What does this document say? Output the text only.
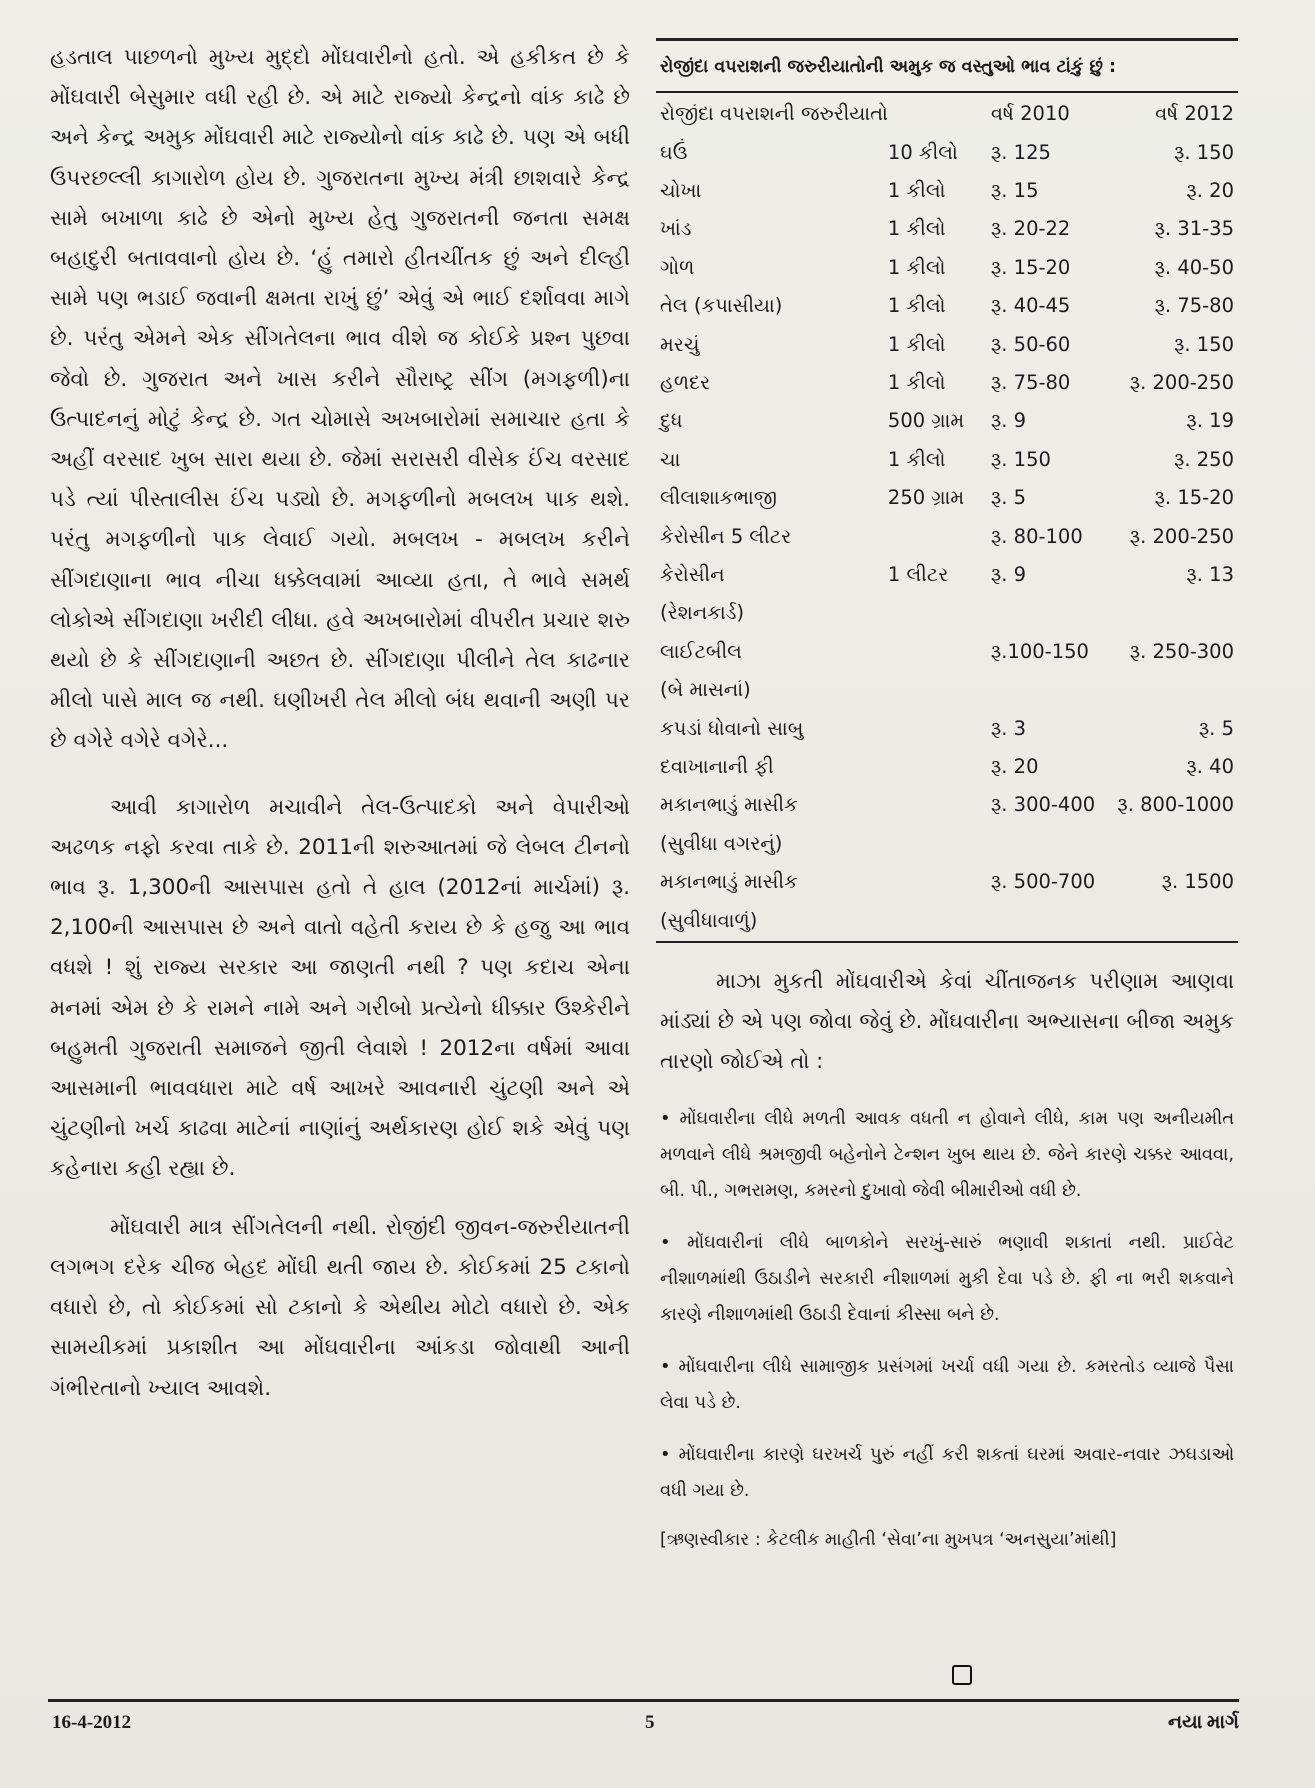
હડતાલ પાછળનો મુખ્ય મુદ્દો મોંઘવારીનો હતો. એ હકીકત છે કે મોંઘવારી બેસુમાર વધી રહી છે. એ માટે રાજ્યો કેન્દ્રનો વાંક કાઢે છે અને કેન્દ્ર અમુક મોંઘવારી માટે રાજ્યોનો વાંક કાઢે છે. પણ એ બધી ઉપરછલ્લી કાગારોળ હોય છે. ગુજરાતના મુખ્ય મંત્રી છાશવારે કેન્દ્ર સામે બખાળા કાઢે છે એનો મુખ્ય હેતુ ગુજરાતની જનતા સમક્ષ બહાદુરી બતાવવાનો હોય છે. ‘હું તમારો હીતચીંતક છું અને દીલ્હી સામે પણ ભડાઈ જવાની ક્ષમતા રાખું છું’ એવું એ ભાઈ દર્શાવવા માગે છે. પરંતુ એમને એક સીંગતેલના ભાવ વીશે જ કોઈકે પ્રશ્ન પુછવા જેવો છે. ગુજરાત અને ખાસ કરીને સૌરાષ્ટ્ર સીંગ (મગફળી)ના ઉત્પાદનનું મોટું કેન્દ્ર છે. ગત ચોમાસે અખબારોમાં સમાચાર હતા કે અહીં વરસાદ ખુબ સારા થયા છે. જેમાં સરાસરી વીસેક ઈંચ વરસાદ પડે ત્યાં પીસ્તાલીસ ઈંચ પડ્યો છે. મગફળીનો મબલખ પાક થશે. પરંતુ મગફળીનો પાક લેવાઈ ગયો. મબલખ - મબલખ કરીને સીંગદાણાના ભાવ નીચા ધક્કેલવામાં આવ્યા હતા, તે ભાવે સમર્થ લોકોએ સીંગદાણા ખરીદી લીધા. હવે અખબારોમાં વીપરીત પ્રચાર શરુ થયો છે કે સીંગદાણાની અછત છે. સીંગદાણા પીલીને તેલ કાઢનાર મીલો પાસે માલ જ નથી. ઘણીખરી તેલ મીલો બંધ થવાની અણી પર છે વગેરે વગેરે વગેરે...

આવી કાગારોળ મચાવીને તેલ-ઉત્પાદકો અને વેપારીઓ અઢળક નફો કરવા તાકે છે. 2011ની શરુઆતમાં જે લેબલ ટીનનો ભાવ રૂ. 1,300ની આસપાસ હતો તે હાલ (2012નાં માર્ચમાં) રૂ. 2,100ની આસપાસ છે અને વાતો વહેતી કરાય છે કે હજુ આ ભાવ વધશે ! શું રાજ્ય સરકાર આ જાણતી નથી ? પણ કદાચ એના મનમાં એમ છે કે રામને નામે અને ગરીબો પ્રત્યેનો ધીક્કાર ઉશ્કેરીને બહુમતી ગુજરાતી સમાજને જીતી લેવાશે ! 2012ના વર્ષમાં આવા આસમાની ભાવવધારા માટે વર્ષ આખરે આવનારી ચુંટણી અને એ ચુંટણીનો ખર્ચ કાઢવા માટેનાં નાણાંનું અર્થકારણ હોઈ શકે એવું પણ કહેનારા કહી રહ્યા છે.

મોંઘવારી માત્ર સીંગતેલની નથી. રોજીંદી જીવન-જરુરીયાતની લગભગ દરેક ચીજ બેહદ મોંઘી થતી જાય છે. કોઈકમાં 25 ટકાનો વધારો છે, તો કોઈકમાં સો ટકાનો કે એથીય મોટો વધારો છે. એક સામયીકમાં પ્રકાશીત આ મોંઘવારીના આંકડા જોવાથી આની ગંભીરતાનો ખ્યાલ આવશે.

રોજીંદા વપરાશની જરુરીયાતોની અમુક જ વસ્તુઓ ભાવ ટાંકું છું :
રોજીંદા વપરાશની જરુરીયાતો		વર્ષ 2010	વર્ષ 2012
ઘઉં	10 કીલો	રૂ. 125	રૂ. 150
ચોખા	1 કીલો	રૂ. 15	રૂ. 20
ખાંડ	1 કીલો	રૂ. 20-22	રૂ. 31-35
ગોળ	1 કીલો	રૂ. 15-20	રૂ. 40-50
તેલ (કપાસીયા)	1 કીલો	રૂ. 40-45	રૂ. 75-80
મરચું	1 કીલો	રૂ. 50-60	રૂ. 150
હળદર	1 કીલો	રૂ. 75-80	રૂ. 200-250
દુધ	500 ગ્રામ	રૂ. 9	રૂ. 19
ચા	1 કીલો	રૂ. 150	રૂ. 250
લીલાશાકભાજી	250 ગ્રામ	રૂ. 5	રૂ. 15-20
કેરોસીન 5 લીટર		રૂ. 80-100	રૂ. 200-250
કેરોસીન	1 લીટર	રૂ. 9	રૂ. 13
(રેશનકાર્ડ)			
લાઈટબીલ		રૂ.100-150	રૂ. 250-300
(બે માસનાં)			
કપડાં ધોવાનો સાબુ		રૂ. 3	રૂ. 5
દવાખાનાની ફી		રૂ. 20	રૂ. 40
મકાનભાડું માસીક		રૂ. 300-400	રૂ. 800-1000
(સુવીધા વગરનું)			
મકાનભાડું માસીક		રૂ. 500-700	રૂ. 1500
(સુવીધાવાળું)			

માઝા મુકતી મોંઘવારીએ કેવાં ચીંતાજનક પરીણામ આણવા માંડ્યાં છે એ પણ જોવા જેવું છે. મોંઘવારીના અભ્યાસના બીજા અમુક તારણો જોઈએ તો :

• મોંઘવારીના લીધે મળતી આવક વધતી ન હોવાને લીધે, કામ પણ અનીયમીત મળવાને લીધે શ્રમજીવી બહેનોને ટેન્શન ખુબ થાય છે. જેને કારણે ચક્કર આવવા, બી. પી., ગભરામણ, કમરનો દુખાવો જેવી બીમારીઓ વધી છે.

• મોંઘવારીનાં લીધે બાળકોને સરખું-સારું ભણાવી શકાતાં નથી. પ્રાઈવેટ નીશાળમાંથી ઉઠાડીને સરકારી નીશાળમાં મુકી દેવા પડે છે. ફી ના ભરી શકવાને કારણે નીશાળમાંથી ઉઠાડી દેવાનાં કીસ્સા બને છે.

• મોંઘવારીના લીધે સામાજીક પ્રસંગમાં ખર્ચા વધી ગયા છે. કમરતોડ વ્યાજે પૈસા લેવા પડે છે.

• મોંઘવારીના કારણે ઘરખર્ચ પુરું નહીં કરી શકતાં ઘરમાં અવાર-નવાર ઝઘડાઓ વધી ગયા છે.

[ઋણસ્વીકાર : કેટલીક માહીતી ‘સેવા’ના મુખપત્ર ‘અનસુયા’માંથી]
16-4-2012	5	નયા માર્ગ
